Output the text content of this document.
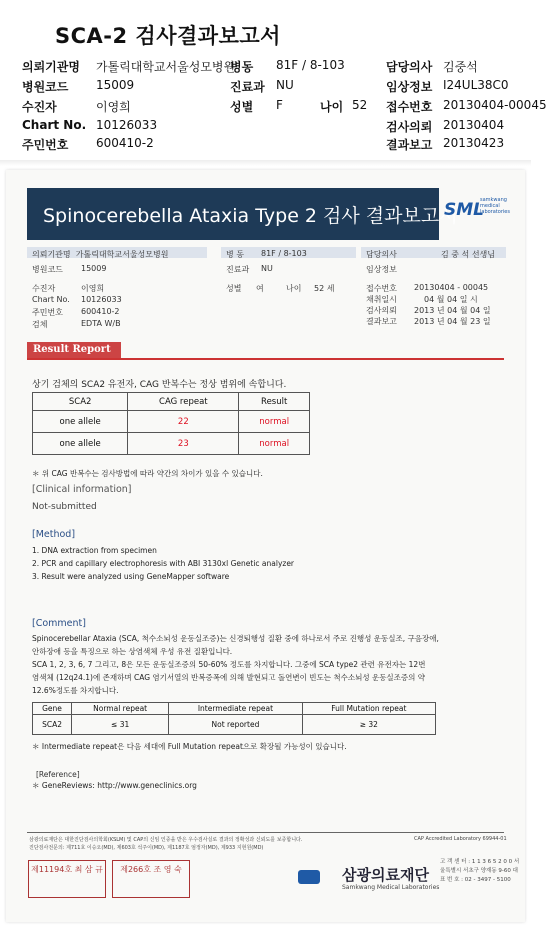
SCA-2 검사결과보고서
의뢰기관명 가톨릭대학교서울성모병원
병동 81F / 8-103	담당의사 김중석
병원코드 15009	진료과 NU	임상정보 I24UL38C0
수진자	이영희	성별 F	나이 52 접수번호 20130404-00045
Chart No. 10126033	검사의뢰 20130404
주민번호 600410-2	결과보고 20130423
Spinocerebella Ataxia Type 2 검사 결과보고서
SML
samkwang medical laboratories
의뢰기관명 가톨릭대학교서울성모병원
병원코드 15009
수진자	이영희
Chart No. 10126033
주민번호 600410-2
검체	EDTA W/B
병 동 81F / 8-103
진료과 NU
성별 여	나이 52 세
담당의사	김 중 석 선생님
임상정보
접수번호 20130404 - 00045
채취일시	04 월 04 일 시
검사의뢰 2013 년 04 월 04 일
결과보고 2013 년 04 월 23 일
Result Report
상기 검체의 SCA2 유전자, CAG 반복수는 정상 범위에 속합니다.
SCA2	CAG repeat	Result
one allele	22	normal
one allele	23	normal
＊ 위 CAG 반복수는 검사방법에 따라 약간의 차이가 있을 수 있습니다.
[Clinical information]
Not-submitted
[Method]
1. DNA extraction from specimen
2. PCR and capillary electrophoresis with ABI 3130xl Genetic analyzer
3. Result were analyzed using GeneMapper software
[Comment]
Spinocerebellar Ataxia (SCA, 척수소뇌성 운동실조증)는 신경퇴행성 질환 중에 하나로서 주로 진행성 운동실조, 구음장애,
안하장애 등을 특징으로 하는 상염색체 우성 유전 질환입니다.
SCA 1, 2, 3, 6, 7 그리고, 8은 모든 운동실조증의 50-60% 정도를 차지합니다. 그중에 SCA type2 관련 유전자는 12번
염색체 (12q24.1)에 존재하며 CAG 염기서열의 반복증폭에 의해 발현되고 돌연변이 빈도는 척수소뇌성 운동실조증의 약
12.6%정도를 차지합니다.
Gene	Normal repeat	Intermediate repeat	Full Mutation repeat
SCA2	≤ 31	Not reported	≥ 32
＊ Intermediate repeat은 다음 세대에 Full Mutation repeat으로 확장될 가능성이 있습니다.
[Reference]
＊ GeneReviews: http://www.geneclinics.org
삼광의료재단은 대한진단검사의학회(KSLM) 및 CAP의 신임 인증을 받은 우수검사실로 결과의 정확성과 신뢰도를 보증합니다.
진단검사전문의: 제711호 이승오(MD), 제603호 석주이(MD), 제1187호 엄정자(MD), 제933 지현원(MD)
CAP Accredited Laboratory 69944-01
제11194호 최 삼 규	제266호 조 영 숙	삼광의료재단
Samkwang Medical Laboratories
고 객 센 터 : 1 1 3 6 5 2 0 0 서울특별시 서초구 양재동 9-60 대 표 번 호 : 02 - 3497 - 5100
